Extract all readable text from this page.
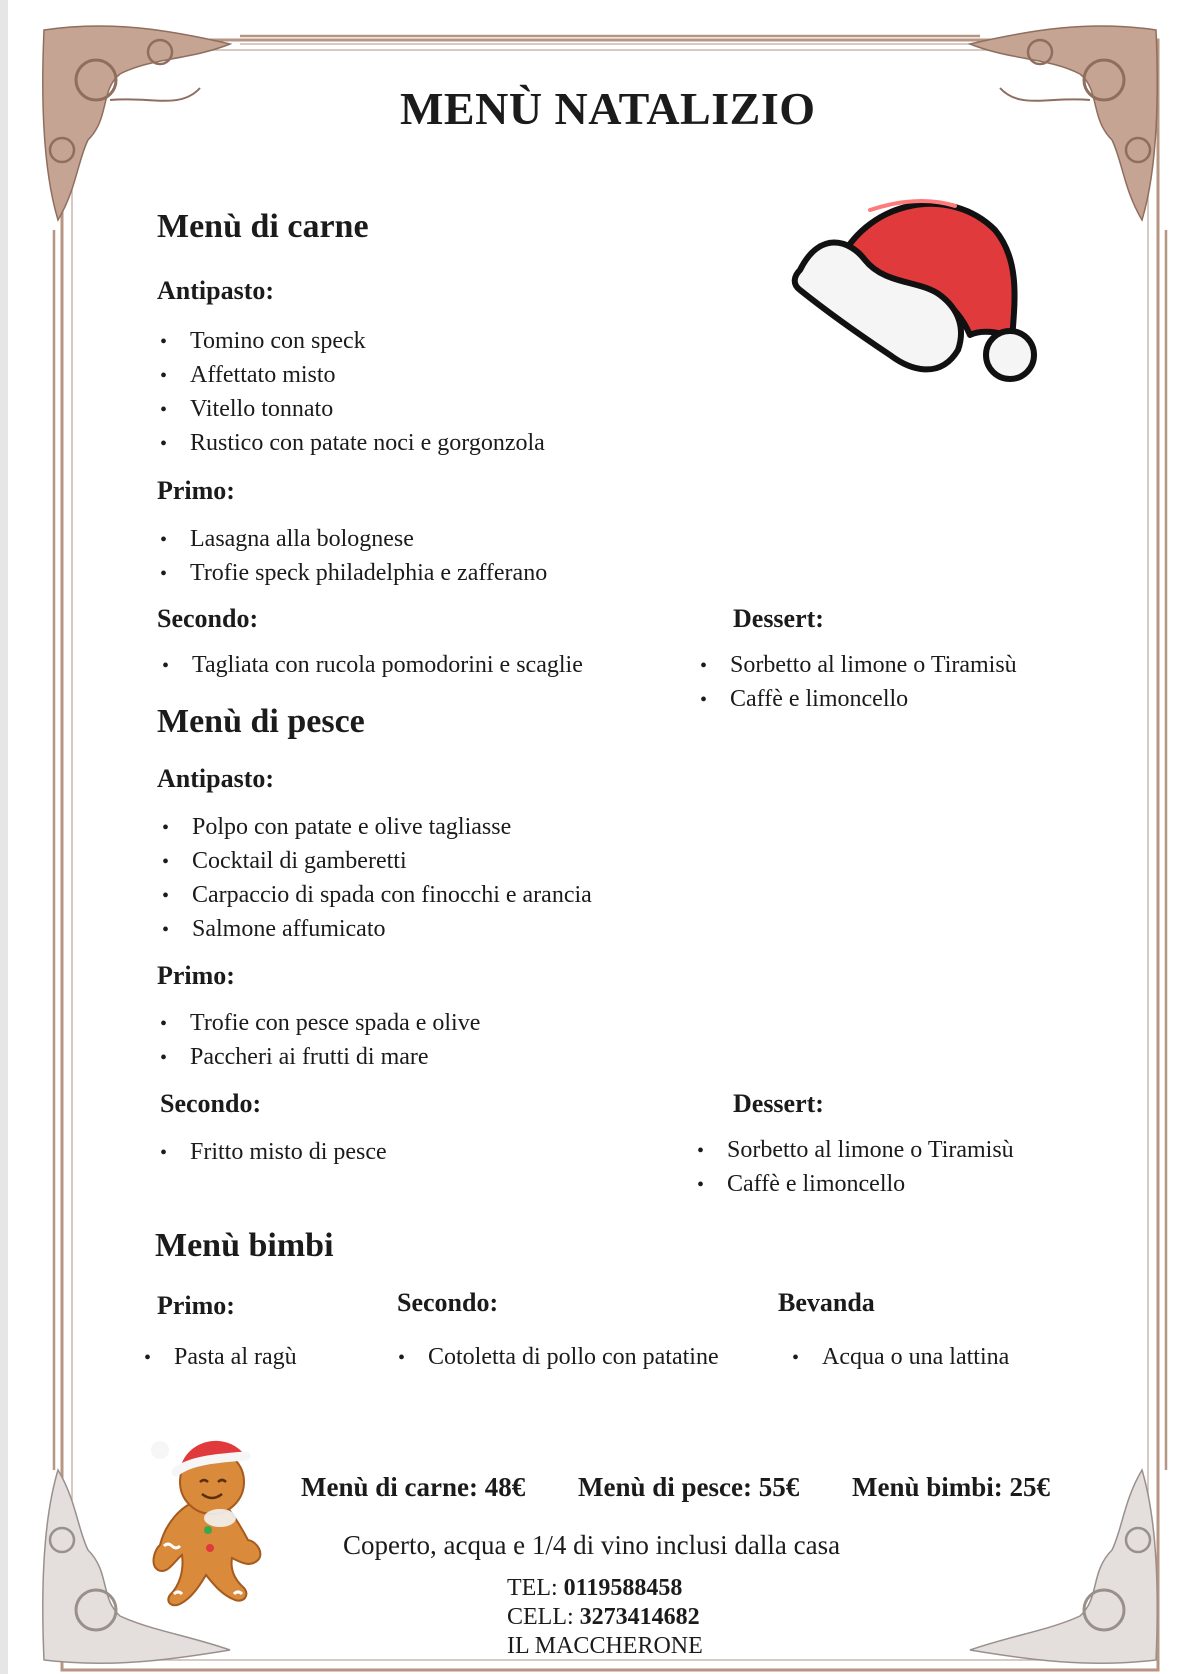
MENÙ NATALIZIO
Menù di carne
Antipasto:
• Tomino con speck
• Affettato misto
• Vitello tonnato
• Rustico con patate noci e gorgonzola
Primo:
• Lasagna alla bolognese
• Trofie speck philadelphia e zafferano
Secondo:
• Tagliata con rucola pomodorini e scaglie
Dessert:
• Sorbetto al limone o Tiramisù
• Caffè e limoncello
Menù di pesce
Antipasto:
• Polpo con patate e olive tagliasse
• Cocktail di gamberetti
• Carpaccio di spada con finocchi e arancia
• Salmone affumicato
Primo:
• Trofie con pesce spada e olive
• Paccheri ai frutti di mare
Secondo:
• Fritto misto di pesce
Dessert:
• Sorbetto al limone o Tiramisù
• Caffè e limoncello
Menù bimbi
Primo:
• Pasta al ragù
Secondo:
• Cotoletta di pollo con patatine
Bevanda
• Acqua o una lattina
Menù di carne: 48€ Menù di pesce: 55€ Menù bimbi: 25€
Coperto, acqua e 1/4 di vino inclusi dalla casa
TEL: 0119588458
CELL: 3273414682
IL MACCHERONE
